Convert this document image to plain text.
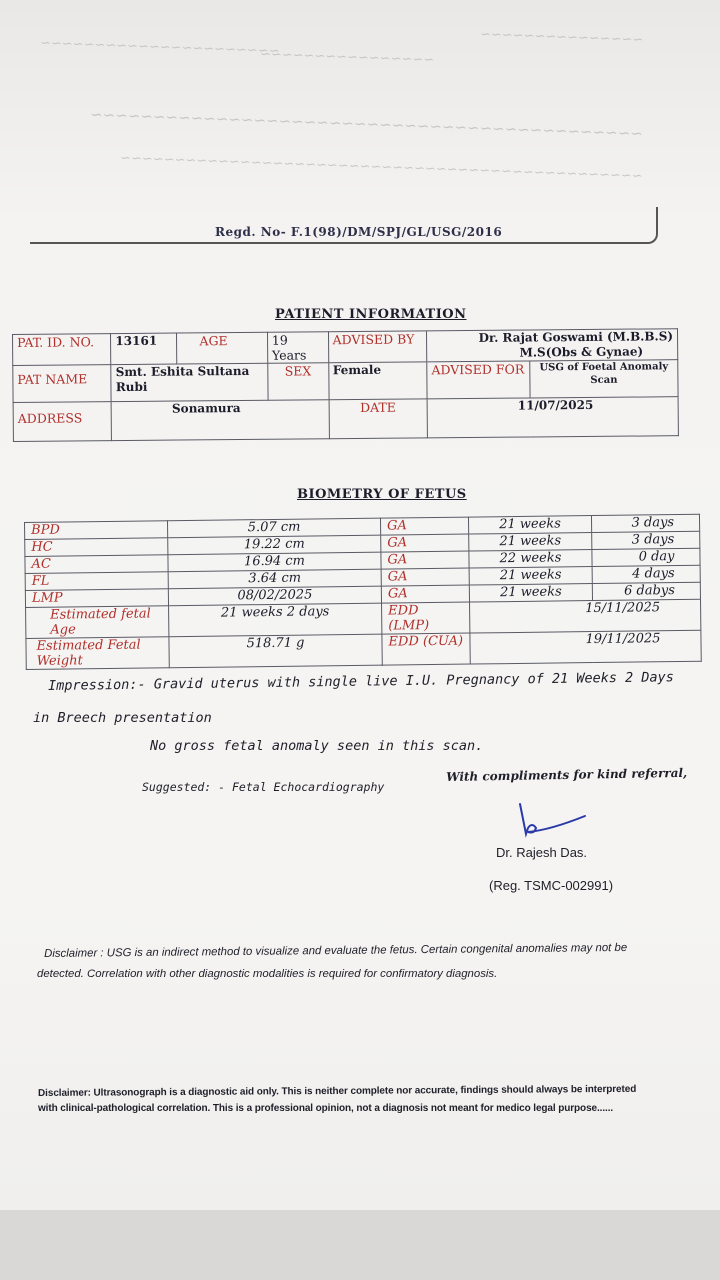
~~~~~~~~~~~~~~~~~~~~~~
~~~~~~~~~~~~~~~~
~~~~~~~~~~~~~~~
~~~~~~~~~~~~~~~~~~~~~~~~~~~~~~~~~~~~~~~~~~~~
~~~~~~~~~~~~~~~~~~~~~~~~~~~~~~~~~~~~~~~~~~~~~~~~
Regd. No- F.1(98)/DM/SPJ/GL/USG/2016
PATIENT INFORMATION
PAT. ID. NO.	13161	AGE	19 Years	ADVISED BY	Dr. Rajat Goswami (M.B.B.S)
M.S(Obs & Gynae)	

PAT NAME	Smt. Eshita Sultana Rubi		SEX	Female	ADVISED FOR	USG of Foetal Anomaly Scan
ADDRESS	Sonamura			DATE	11/07/2025	
BIOMETRY OF FETUS
BPD	5.07 cm	GA	21 weeks	3 days
HC	19.22 cm	GA	21 weeks	3 days
AC	16.94 cm	GA	22 weeks	0 day
FL	3.64 cm	GA	21 weeks	4 days
LMP	08/02/2025	GA	21 weeks	6 dabys
Estimated fetal Age	21 weeks 2 days	EDD (LMP)	15/11/2025	
Estimated Fetal Weight	518.71 g	EDD (CUA)	19/11/2025	
Impression:- Gravid uterus with single live I.U. Pregnancy of 21 Weeks 2 Days
in Breech presentation
No gross fetal anomaly seen in this scan.
Suggested: - Fetal Echocardiography
With compliments for kind referral,
Dr. Rajesh Das.
(Reg. TSMC-002991)
Disclaimer : USG is an indirect method to visualize and evaluate the fetus. Certain congenital anomalies may not be
detected. Correlation with other diagnostic modalities is required for confirmatory diagnosis.
Disclaimer: Ultrasonograph is a diagnostic aid only. This is neither complete nor accurate, findings should always be interpreted
with clinical-pathological correlation. This is a professional opinion, not a diagnosis not meant for medico legal purpose......
